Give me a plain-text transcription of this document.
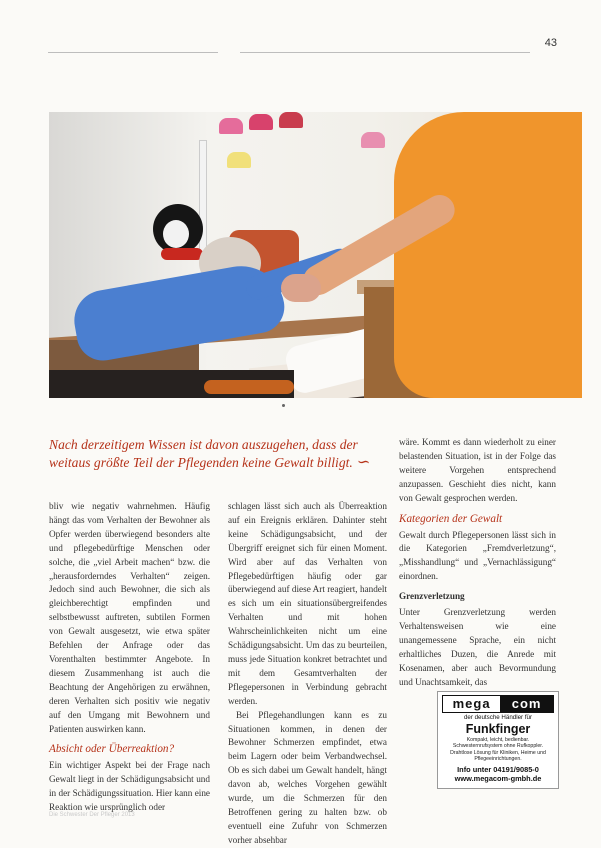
43

Nach derzeitigem Wissen ist davon auszugehen, dass der weitaus größte Teil der Pflegenden keine Gewalt billigt. ∽

bliv wie negativ wahrnehmen. Häufig hängt das vom Verhalten der Bewohner als Opfer werden überwiegend besonders alte und pflegebedürftige Menschen oder solche, die „viel Arbeit machen“ bzw. die „herausforderndes Verhalten“ zeigen. Jedoch sind auch Bewohner, die sich als gleichberechtigt empfinden und selbstbewusst auftreten, subtilen Formen von Gewalt ausgesetzt, wie etwa später Befehlen der Anfrage oder das Vorenthalten bestimmter Angebote. In diesem Zusammenhang ist auch die Beachtung der Angehörigen zu erwähnen, deren Verhalten sich positiv wie negativ auf den Umgang mit Bewohnern und Patienten auswirken kann.

Absicht oder Überreaktion?

Ein wichtiger Aspekt bei der Frage nach Gewalt liegt in der Schädigungsabsicht und in der Schädigungssituation. Hier kann eine Reaktion wie ursprünglich oder

schlagen lässt sich auch als Überreaktion auf ein Ereignis erklären. Dahinter steht keine Schädigungsabsicht, und der Übergriff ereignet sich für einen Moment. Wird aber auf das Verhalten von Pflegebedürftigen häufig oder gar überwiegend auf diese Art reagiert, handelt es sich um ein situationsübergreifendes Verhalten und mit hohen Wahrscheinlichkeiten nicht um eine Schädigungsabsicht. Um das zu beurteilen, muss jede Situation konkret betrachtet und mit dem Gesamtverhalten der Pflegepersonen in Verbindung gebracht werden.

Bei Pflegehandlungen kann es zu Situationen kommen, in denen der Bewohner Schmerzen empfindet, etwa beim Lagern oder beim Verbandwechsel. Ob es sich dabei um Gewalt handelt, hängt davon ab, welches Vorgehen gewählt wurde, um die Schmerzen für den Betroffenen gering zu halten bzw. ob eventuell eine Zufuhr von Schmerzen vorher absehbar

wäre. Kommt es dann wiederholt zu einer belastenden Situation, ist in der Folge das weitere Vorgehen entsprechend anzupassen. Geschieht dies nicht, kann von Gewalt gesprochen werden.

Kategorien der Gewalt

Gewalt durch Pflegepersonen lässt sich in die Kategorien „Fremdverletzung“, „Misshandlung“ und „Vernachlässigung“ einordnen.

Grenzverletzung

Unter Grenzverletzung werden Verhaltensweisen wie eine unangemessene Sprache, ein nicht erhaltliches Duzen, die Anrede mit Kosenamen, aber auch Bevormundung und Unachtsamkeit, das

mega	com
der deutsche Händler für
Funkfinger
Kompakt, leicht, bedienbar. Schwesternrufsystem ohne Rufkoppler. Drahtlose Lösung für Kliniken, Heime und Pflegeeinrichtungen.
Info unter 04191/9085-0
www.megacom-gmbh.de
Die Schwester Der Pfleger 2013
